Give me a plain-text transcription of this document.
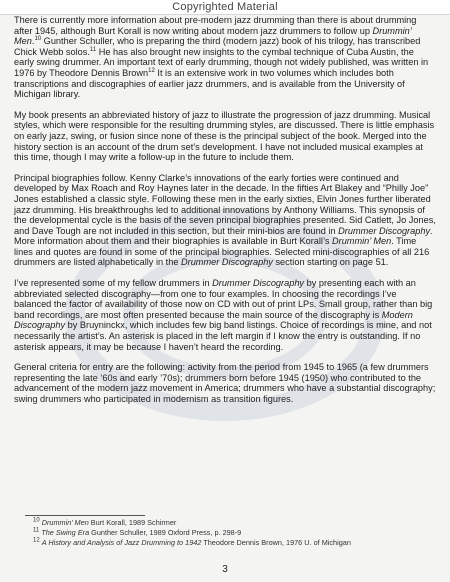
Copyrighted Material

There is currently more information about pre-modern jazz drumming than there is about drumming after 1945, although Burt Korall is now writing about modern jazz drummers to follow up Drummin’ Men.$^{10}$ Gunther Schuller, who is preparing the third (modern jazz) book of his trilogy, has transcribed Chick Webb solos.$^{11}$ He has also brought new insights to the cymbal technique of Cuba Austin, the early swing drummer. An important text of early drumming, though not widely published, was written in 1976 by Theodore Dennis Brown$^{12}$ It is an extensive work in two volumes which includes both transcriptions and discographies of earlier jazz drummers, and is available from the University of Michigan library.

My book presents an abbreviated history of jazz to illustrate the progression of jazz drumming. Musical styles, which were responsible for the resulting drumming styles, are discussed. There is little emphasis on early jazz, swing, or fusion since none of these is the principal subject of the book. Merged into the history section is an account of the drum set’s development. I have not included musical examples at this time, though I may write a follow-up in the future to include them.

Principal biographies follow. Kenny Clarke’s innovations of the early forties were continued and developed by Max Roach and Roy Haynes later in the decade. In the fifties Art Blakey and “Philly Joe” Jones established a classic style. Following these men in the early sixties, Elvin Jones further liberated jazz drumming. His breakthroughs led to additional innovations by Anthony Williams. This synopsis of the developmental cycle is the basis of the seven principal biographies presented. Sid Catlett, Jo Jones, and Dave Tough are not included in this section, but their mini-bios are found in Drummer Discography. More information about them and their biographies is available in Burt Korall’s Drummin’ Men. Time lines and quotes are found in some of the principal biographies. Selected mini-discographies of all 216 drummers are listed alphabetically in the Drummer Discography section starting on page 51.

I’ve represented some of my fellow drummers in Drummer Discography by presenting each with an abbreviated selected discography—from one to four examples. In choosing the recordings I’ve balanced the factor of availability of those now on CD with out of print LPs. Small group, rather than big band recordings, are most often presented because the main source of the discography is Modern Discography by Bruyninckx, which includes few big band listings. Choice of recordings is mine, and not necessarily the artist’s. An asterisk is placed in the left margin if I know the entry is outstanding. If no asterisk appears, it may be because I haven’t heard the recording.

General criteria for entry are the following: activity from the period from 1945 to 1965 (a few drummers representing the late ’60s and early ’70s); drummers born before 1945 (1950) who contributed to the advancement of the modern jazz movement in America; drummers who have a substantial discography; swing drummers who participated in modernism as transition figures.

$^{10}$ Drummin’ Men Burt Korall, 1989 Schirmer
$^{11}$ The Swing Era Gunther Schuller, 1989 Oxford Press, p. 298-9
$^{12}$ A History and Analysis of Jazz Drumming to 1942 Theodore Dennis Brown, 1976 U. of Michigan
3
